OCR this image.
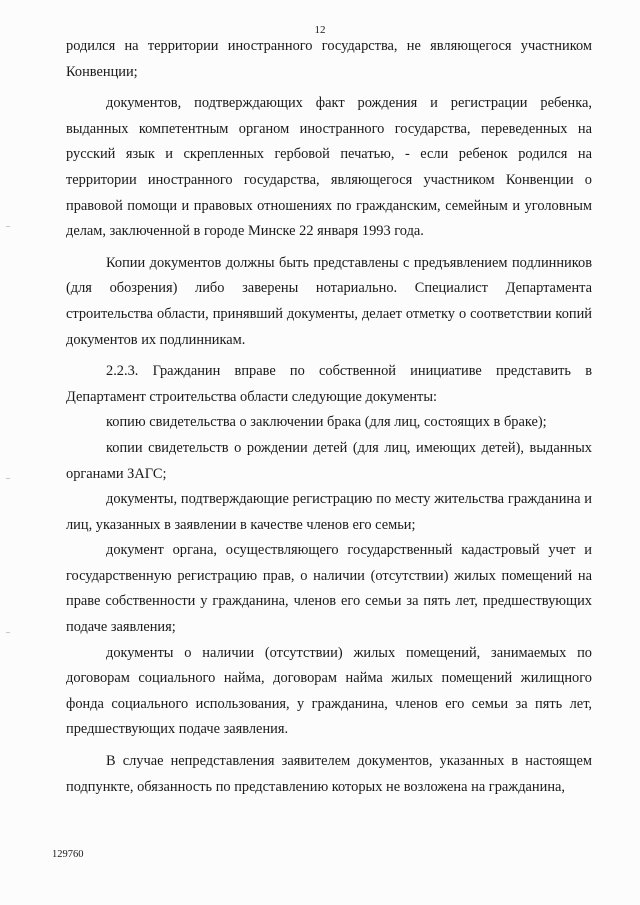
12

родился на территории иностранного государства, не являющегося участником Конвенции;

документов, подтверждающих факт рождения и регистрации ребенка, выданных компетентным органом иностранного государства, переведенных на русский язык и скрепленных гербовой печатью, - если ребенок родился на территории иностранного государства, являющегося участником Конвенции о правовой помощи и правовых отношениях по гражданским, семейным и уголовным делам, заключенной в городе Минске 22 января 1993 года.

Копии документов должны быть представлены с предъявлением подлинников (для обозрения) либо заверены нотариально. Специалист Департамента строительства области, принявший документы, делает отметку о соответствии копий документов их подлинникам.

2.2.3. Гражданин вправе по собственной инициативе представить в Департамент строительства области следующие документы:

копию свидетельства о заключении брака (для лиц, состоящих в браке);

копии свидетельств о рождении детей (для лиц, имеющих детей), выданных органами ЗАГС;

документы, подтверждающие регистрацию по месту жительства гражданина и лиц, указанных в заявлении в качестве членов его семьи;

документ органа, осуществляющего государственный кадастровый учет и государственную регистрацию прав, о наличии (отсутствии) жилых помещений на праве собственности у гражданина, членов его семьи за пять лет, предшествующих подаче заявления;

документы о наличии (отсутствии) жилых помещений, занимаемых по договорам социального найма, договорам найма жилых помещений жилищного фонда социального использования, у гражданина, членов его семьи за пять лет, предшествующих подаче заявления.

В случае непредставления заявителем документов, указанных в настоящем подпункте, обязанность по представлению которых не возложена на гражданина,

129760
